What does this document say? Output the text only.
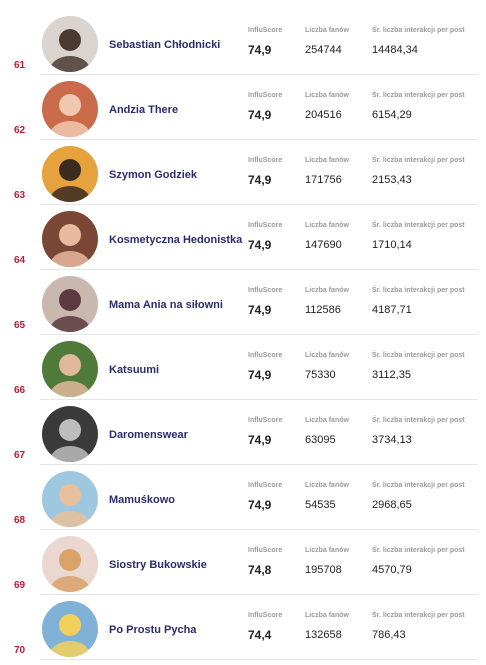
Sebastian Chłodnicki
InfluScore
74,9
Liczba fanów
254744
Śr. liczba interakcji per post
14484,34
61
Andzia There
InfluScore
74,9
Liczba fanów
204516
Śr. liczba interakcji per post
6154,29
62
Szymon Godziek
InfluScore
74,9
Liczba fanów
171756
Śr. liczba interakcji per post
2153,43
63
Kosmetyczna Hedonistka
InfluScore
74,9
Liczba fanów
147690
Śr. liczba interakcji per post
1710,14
64
Mama Ania na siłowni
InfluScore
74,9
Liczba fanów
112586
Śr. liczba interakcji per post
4187,71
65
Katsuumi
InfluScore
74,9
Liczba fanów
75330
Śr. liczba interakcji per post
3112,35
66
Daromenswear
InfluScore
74,9
Liczba fanów
63095
Śr. liczba interakcji per post
3734,13
67
Mamuśkowo
InfluScore
74,9
Liczba fanów
54535
Śr. liczba interakcji per post
2968,65
68
Siostry Bukowskie
InfluScore
74,8
Liczba fanów
195708
Śr. liczba interakcji per post
4570,79
69
Po Prostu Pycha
InfluScore
74,4
Liczba fanów
132658
Śr. liczba interakcji per post
786,43
70
